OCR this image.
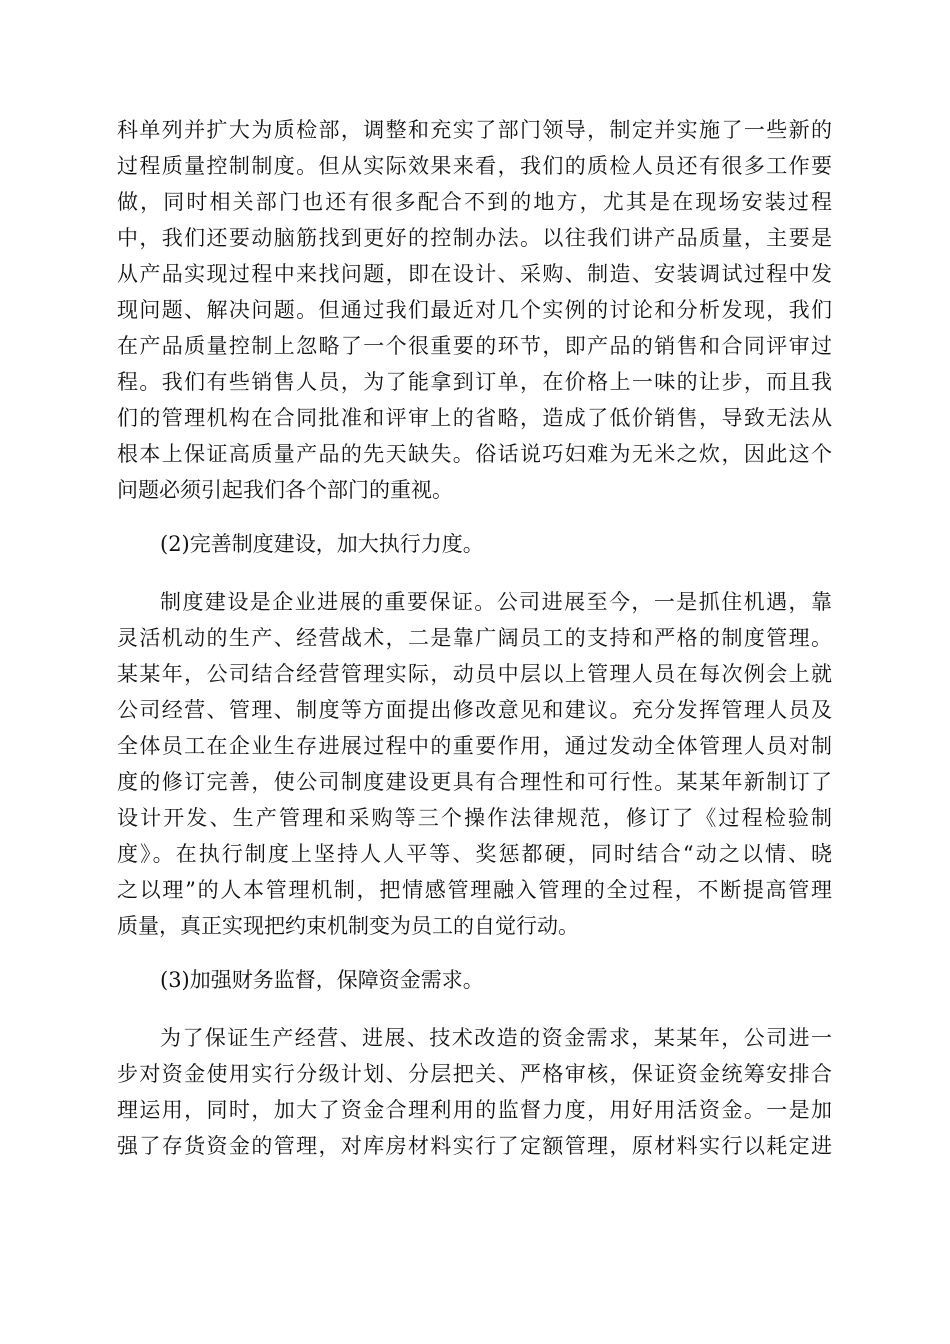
科单列并扩大为质检部，调整和充实了部门领导，制定并实施了一些新的
过程质量控制制度。但从实际效果来看，我们的质检人员还有很多工作要
做，同时相关部门也还有很多配合不到的地方，尤其是在现场安装过程
中，我们还要动脑筋找到更好的控制办法。以往我们讲产品质量，主要是
从产品实现过程中来找问题，即在设计、采购、制造、安装调试过程中发
现问题、解决问题。但通过我们最近对几个实例的讨论和分析发现，我们
在产品质量控制上忽略了一个很重要的环节，即产品的销售和合同评审过
程。我们有些销售人员，为了能拿到订单，在价格上一味的让步，而且我
们的管理机构在合同批准和评审上的省略，造成了低价销售，导致无法从
根本上保证高质量产品的先天缺失。俗话说巧妇难为无米之炊，因此这个
问题必须引起我们各个部门的重视。
(2)完善制度建设，加大执行力度。
制度建设是企业进展的重要保证。公司进展至今，一是抓住机遇，靠
灵活机动的生产、经营战术，二是靠广阔员工的支持和严格的制度管理。
某某年，公司结合经营管理实际，动员中层以上管理人员在每次例会上就
公司经营、管理、制度等方面提出修改意见和建议。充分发挥管理人员及
全体员工在企业生存进展过程中的重要作用，通过发动全体管理人员对制
度的修订完善，使公司制度建设更具有合理性和可行性。某某年新制订了
设计开发、生产管理和采购等三个操作法律规范，修订了《过程检验制
度》。在执行制度上坚持人人平等、奖惩都硬，同时结合“动之以情、晓
之以理”的人本管理机制，把情感管理融入管理的全过程，不断提高管理
质量，真正实现把约束机制变为员工的自觉行动。
(3)加强财务监督，保障资金需求。
为了保证生产经营、进展、技术改造的资金需求，某某年，公司进一
步对资金使用实行分级计划、分层把关、严格审核，保证资金统筹安排合
理运用，同时，加大了资金合理利用的监督力度，用好用活资金。一是加
强了存货资金的管理，对库房材料实行了定额管理，原材料实行以耗定进
